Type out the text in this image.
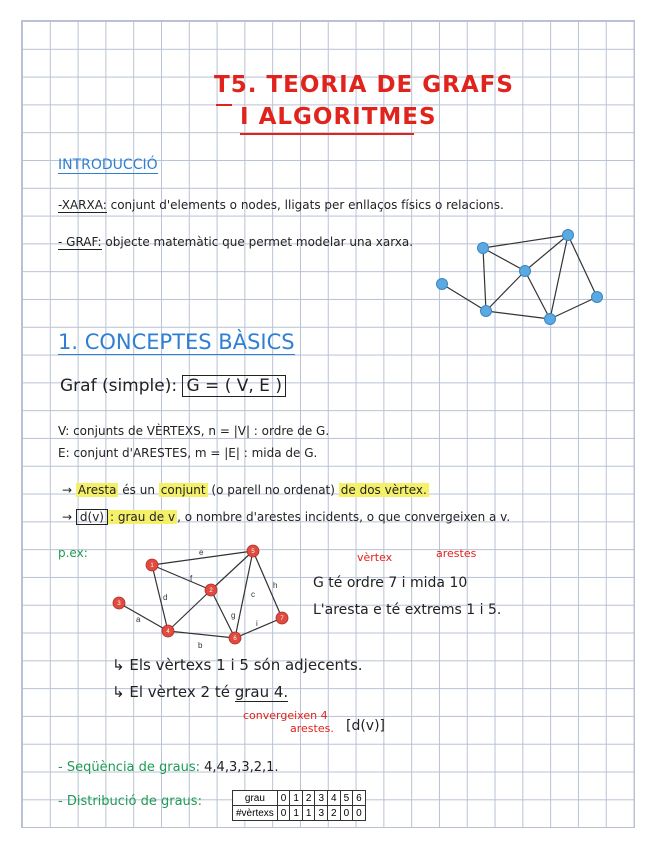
T5. TEORIA DE GRAFS
I ALGORITMES
INTRODUCCIÓ
-XARXA: conjunt d'elements o nodes, lligats per enllaços físics o relacions.
- GRAF: objecte matemàtic que permet modelar una xarxa.
1. CONCEPTES BÀSICS
Graf (simple): G = ( V, E )
V: conjunts de VÈRTEXS, n = |V| : ordre de G.
E: conjunt d'ARESTES, m = |E| : mida de G.
→ Aresta és un conjunt (o parell no ordenat) de dos vèrtex.
→ d(v) : grau de v , o nombre d'arestes incidents, o que convergeixen a v.
p.ex:
a
b
c
d
e
f
g
h
i
1
2
3
4
5
6
7
vèrtex	arestes
G té ordre 7 i mida 10
L'aresta e té extrems 1 i 5.
↳ Els vèrtexs 1 i 5 són adjecents.
↳ El vèrtex 2 té grau 4.
convergeixen 4
arestes. [d(v)]
- Seqüència de graus: 4,4,3,3,2,1.
- Distribució de graus:	grau	0	1	2	3	4	5	6
#vèrtexs	0	1	1	3	2	0	0
